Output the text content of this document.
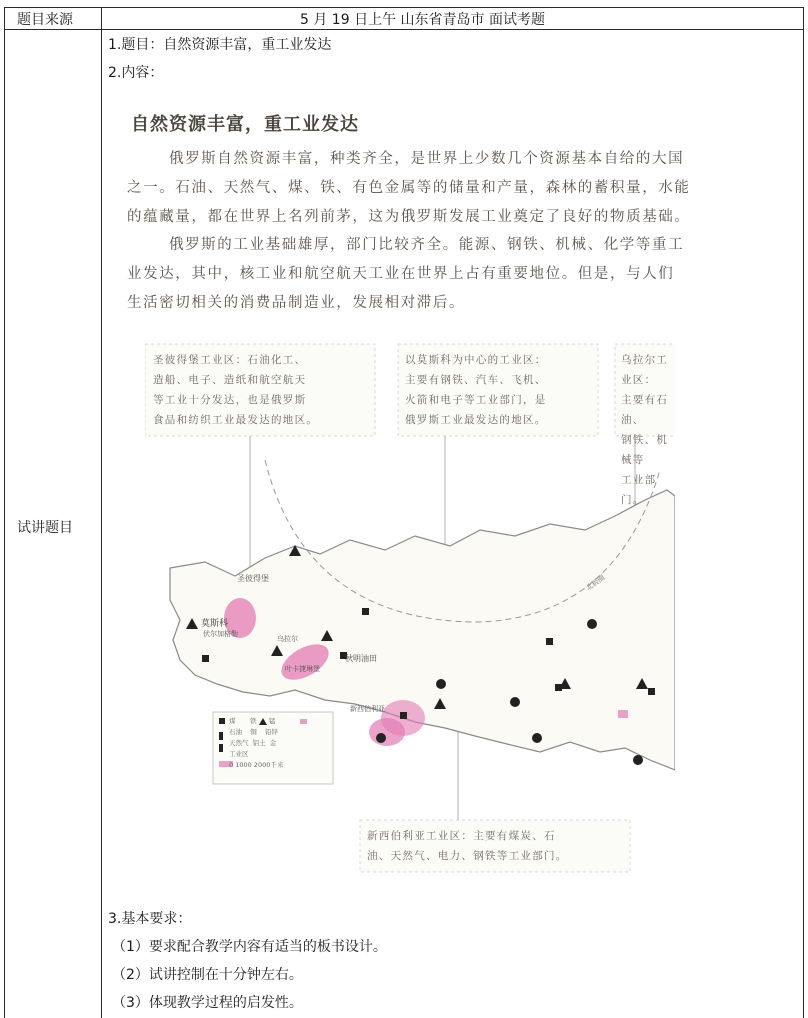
题目来源	5 月 19 日上午 山东省青岛市 面试考题
试讲题目
1.题目：自然资源丰富，重工业发达
2.内容：
自然资源丰富，重工业发达
俄罗斯自然资源丰富，种类齐全，是世界上少数几个资源基本自给的大国
之一。石油、天然气、煤、铁、有色金属等的储量和产量，森林的蓄积量，水能
的蕴藏量，都在世界上名列前茅，这为俄罗斯发展工业奠定了良好的物质基础。
俄罗斯的工业基础雄厚，部门比较齐全。能源、钢铁、机械、化学等重工
业发达，其中，核工业和航空航天工业在世界上占有重要地位。但是，与人们
生活密切相关的消费品制造业，发展相对滞后。
圣彼得堡工业区：石油化工、
造船、电子、造纸和航空航天
等工业十分发达，也是俄罗斯
食品和纺织工业最发达的地区。
以莫斯科为中心的工业区：
主要有钢铁、汽车、飞机、
火箭和电子等工业部门，是
俄罗斯工业最发达的地区。
乌拉尔工业区：
主要有石油、
钢铁、机械等
工业部门。
新西伯利亚工业区：主要有煤炭、石
油、天然气、电力、钢铁等工业部门。
圣彼得堡
莫斯科
伏尔加格勒
叶卡捷琳堡
乌拉尔
秋明油田
新西伯利亚
北极圈
煤 铁 锰
石油 铜 铅锌
天然气 铝土 金
工业区
0 1000 2000千米
3.基本要求：
（1）要求配合教学内容有适当的板书设计。
（2）试讲控制在十分钟左右。
（3）体现教学过程的启发性。
